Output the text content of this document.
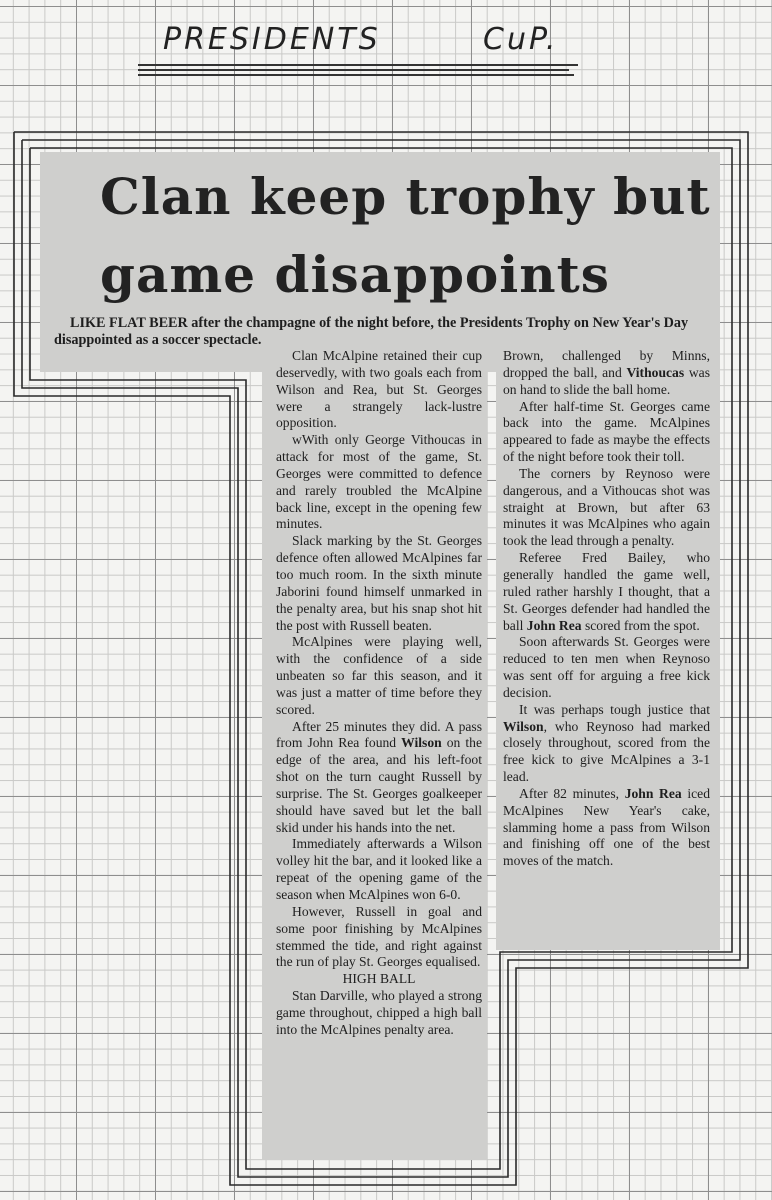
PRESIDENTS	CuP.
Clan keep trophy but
game disappoints
LIKE FLAT BEER after the champagne of the night before, the Presidents Trophy on New Year's Day disappointed as a soccer spectacle.

Clan McAlpine retained their cup deservedly, with two goals each from Wilson and Rea, but St. Georges were a strangely lack-lustre opposition.

wWith only George Vithoucas in attack for most of the game, St. Georges were committed to defence and rarely troubled the McAlpine back line, except in the opening few minutes.

Slack marking by the St. Georges defence often allowed McAlpines far too much room. In the sixth minute Jaborini found himself unmarked in the penalty area, but his snap shot hit the post with Russell beaten.

McAlpines were playing well, with the confidence of a side unbeaten so far this season, and it was just a matter of time before they scored.

After 25 minutes they did. A pass from John Rea found Wilson on the edge of the area, and his left-foot shot on the turn caught Russell by surprise. The St. Georges goalkeeper should have saved but let the ball skid under his hands into the net.

Immediately afterwards a Wilson volley hit the bar, and it looked like a repeat of the opening game of the season when McAlpines won 6-0.

However, Russell in goal and some poor finishing by McAlpines stemmed the tide, and right against the run of play St. Georges equalised.

HIGH BALL

Stan Darville, who played a strong game throughout, chipped a high ball into the McAlpines penalty area.

Brown, challenged by Minns, dropped the ball, and Vithoucas was on hand to slide the ball home.

After half-time St. Georges came back into the game. McAlpines appeared to fade as maybe the effects of the night before took their toll.

The corners by Reynoso were dangerous, and a Vithoucas shot was straight at Brown, but after 63 minutes it was McAlpines who again took the lead through a penalty.

Referee Fred Bailey, who generally handled the game well, ruled rather harshly I thought, that a St. Georges defender had handled the ball John Rea scored from the spot.

Soon afterwards St. Georges were reduced to ten men when Reynoso was sent off for arguing a free kick decision.

It was perhaps tough justice that Wilson, who Reynoso had marked closely throughout, scored from the free kick to give McAlpines a 3-1 lead.

After 82 minutes, John Rea iced McAlpines New Year's cake, slamming home a pass from Wilson and finishing off one of the best moves of the match.
